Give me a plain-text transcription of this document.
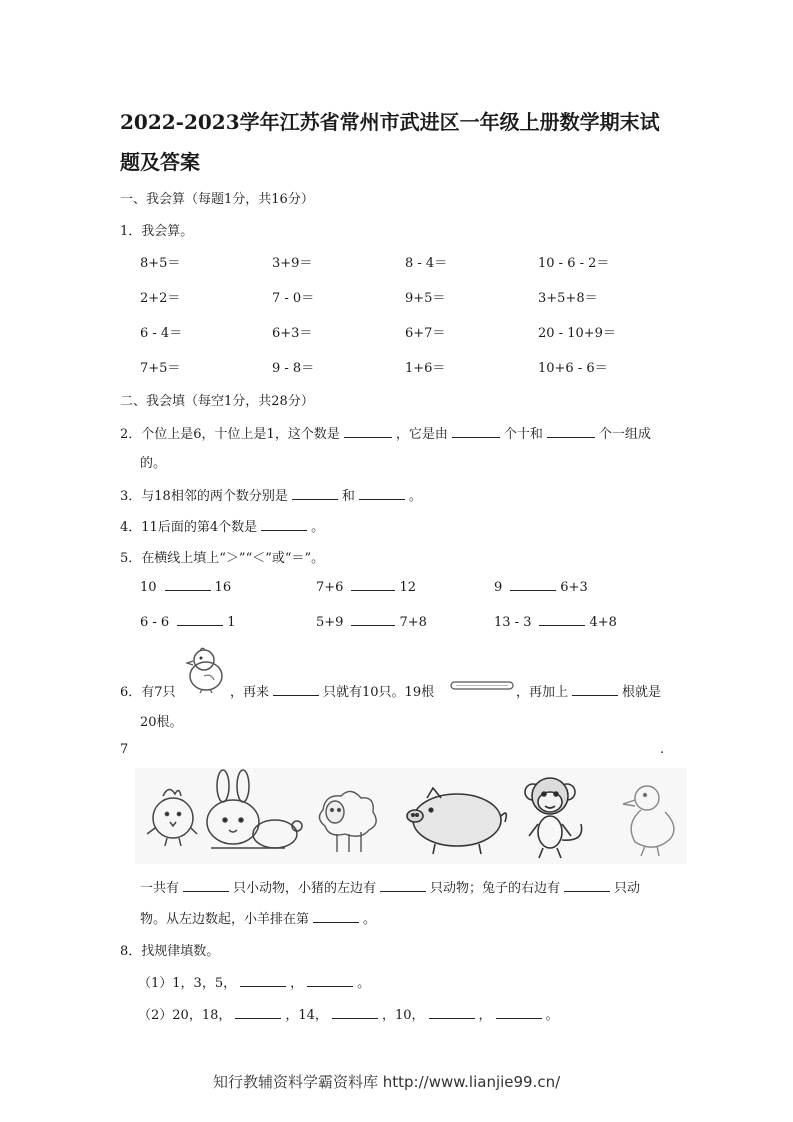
2022-2023学年江苏省常州市武进区一年级上册数学期末试
题及答案
一、我会算（每题1分，共16分）
1．我会算。
8+5＝	3+9＝	8 - 4＝	10 - 6 - 2＝
2+2＝	7 - 0＝	9+5＝	3+5+8＝
6 - 4＝	6+3＝	6+7＝	20 - 10+9＝
7+5＝	9 - 8＝	1+6＝	10+6 - 6＝
二、我会填（每空1分，共28分）
2．个位上是6，十位上是1，这个数是	，它是由	个十和	个一组成
的。
3．与18相邻的两个数分别是	和	。
4．11后面的第4个数是	。
5．在横线上填上“＞”“＜”或“＝”。
10	16	7+6	12	9	6+3
6 - 6	1	5+9	7+8	13 - 3	4+8
6．有7只	，再来	只就有10只。19根	，再加上	根就是
20根。
7	.
一共有	只小动物，小猪的左边有	只动物；兔子的右边有	只动
物。从左边数起，小羊排在第	。
8．找规律填数。
（1）1，3，5，	，	。
（2）20，18，	，14，	，10，	，	。
知行教辅资料学霸资料库 http://www.lianjie99.cn/
